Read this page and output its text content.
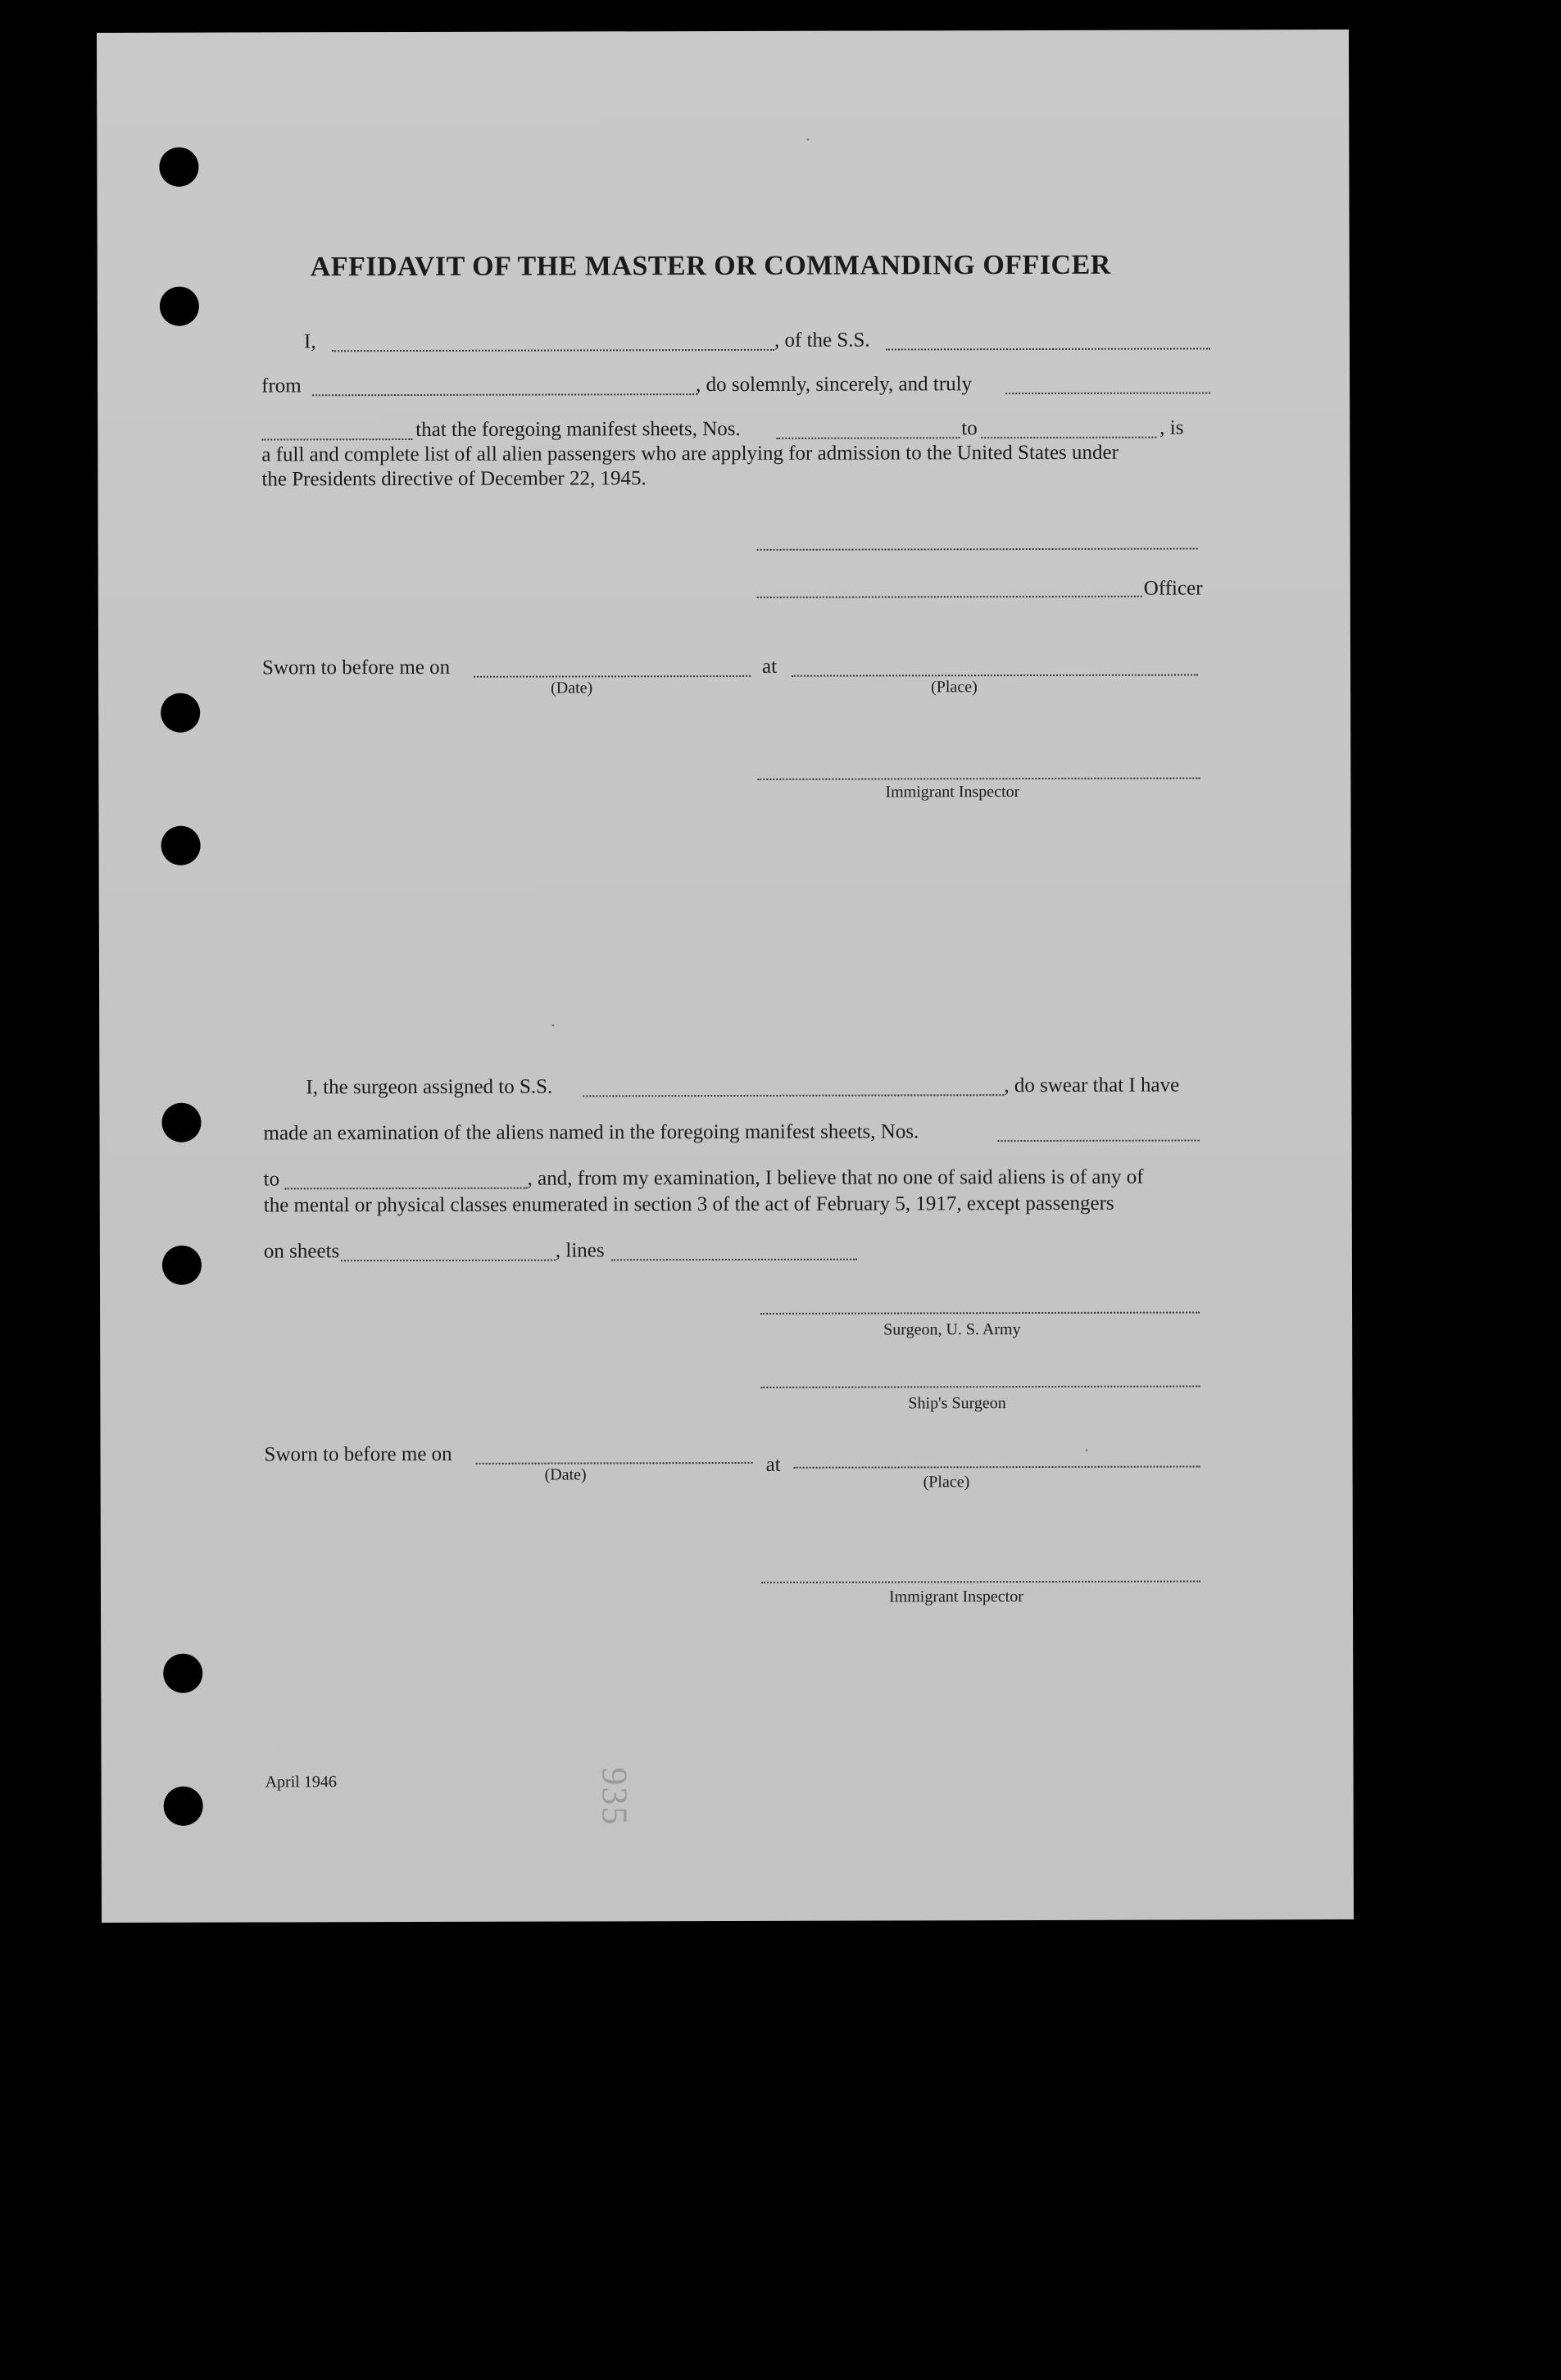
AFFIDAVIT OF THE MASTER OR COMMANDING OFFICER
I,	, of the S.S.
from	, do solemnly, sincerely, and truly
that the foregoing manifest sheets, Nos.	to	, is
a full and complete list of all alien passengers who are applying for admission to the United States under
the Presidents directive of December 22, 1945.
Officer
Sworn to before me on	at
(Date)	(Place)
Immigrant Inspector
I, the surgeon assigned to S.S.	, do swear that I have
made an examination of the aliens named in the foregoing manifest sheets, Nos.
to	, and, from my examination, I believe that no one of said aliens is of any of
the mental or physical classes enumerated in section 3 of the act of February 5, 1917, except passengers
on sheets	, lines
Surgeon, U. S. Army
Ship's Surgeon
Sworn to before me on	at
(Date)	(Place)
Immigrant Inspector
April 1946	935
·
·
·
